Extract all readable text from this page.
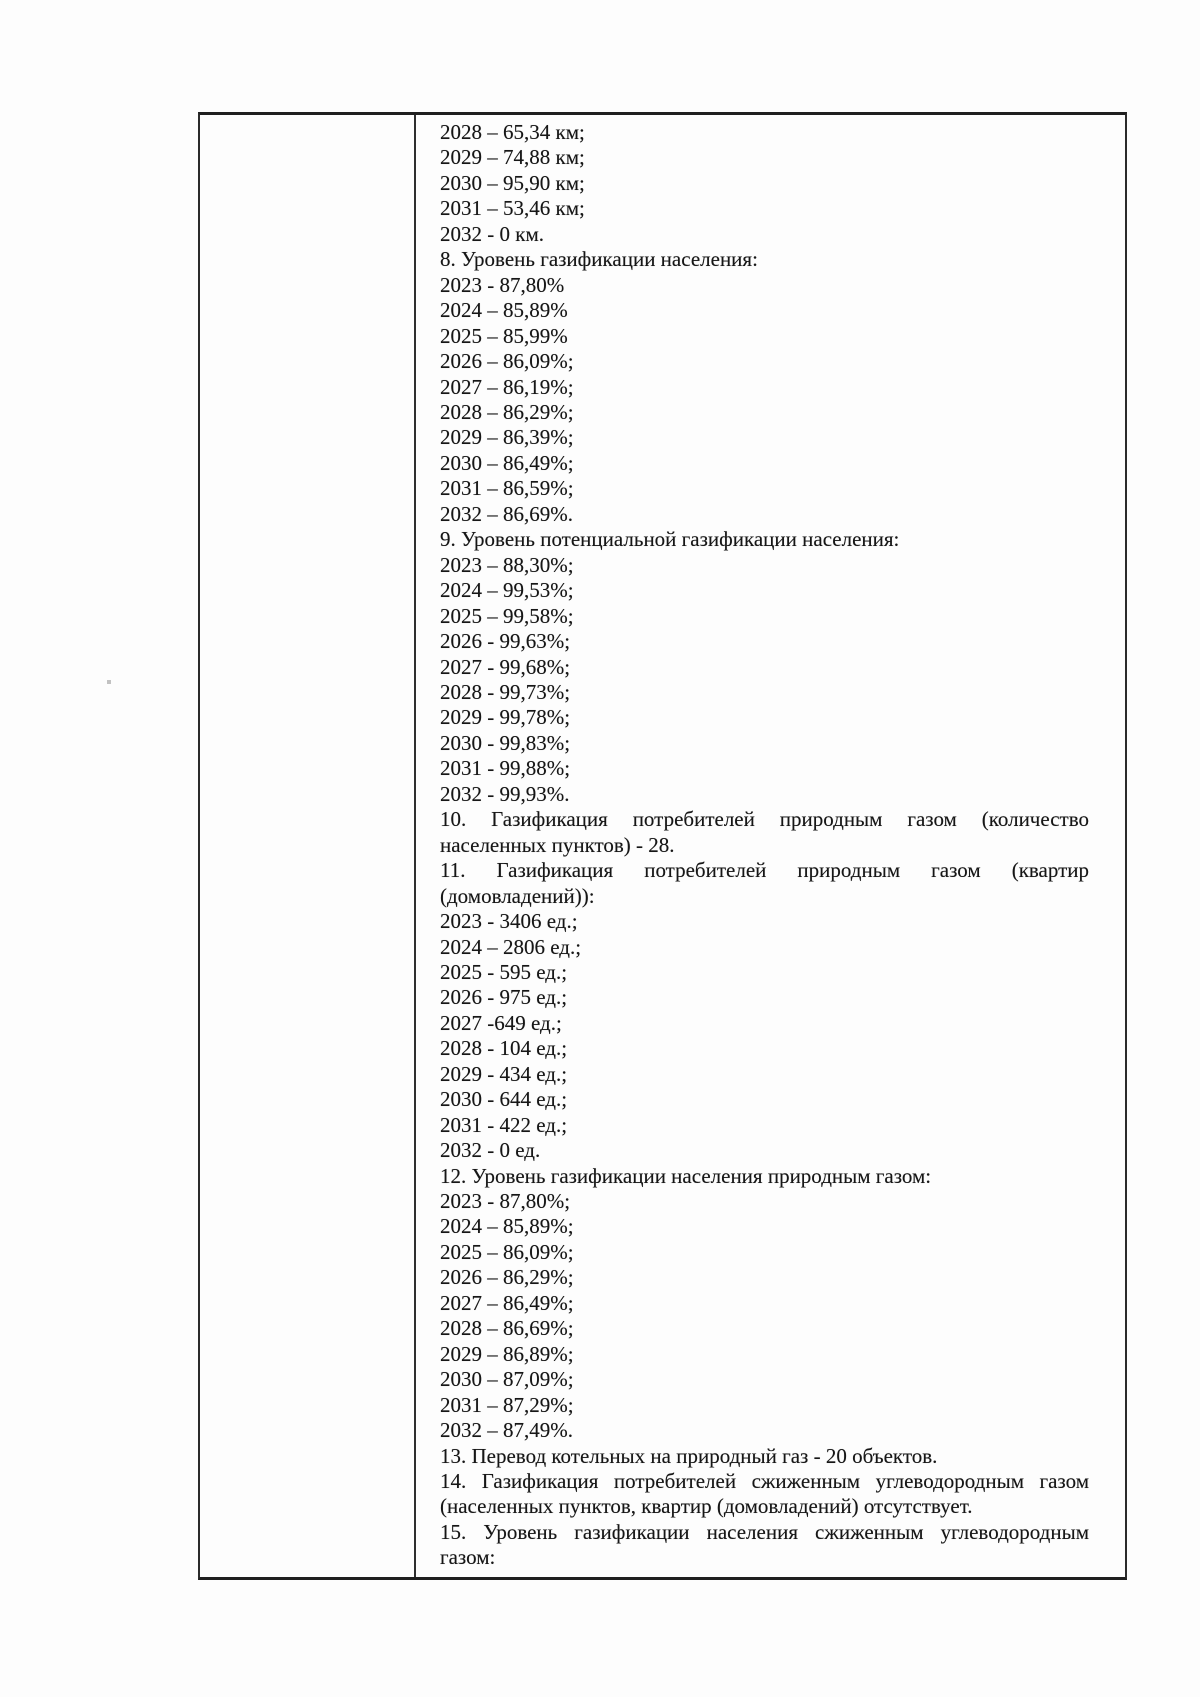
2028 – 65,34 км;
2029 – 74,88 км;
2030 – 95,90 км;
2031 – 53,46 км;
2032 - 0 км.
8. Уровень газификации населения:
2023 - 87,80%
2024 – 85,89%
2025 – 85,99%
2026 – 86,09%;
2027 – 86,19%;
2028 – 86,29%;
2029 – 86,39%;
2030 – 86,49%;
2031 – 86,59%;
2032 – 86,69%.
9. Уровень потенциальной газификации населения:
2023 – 88,30%;
2024 – 99,53%;
2025 – 99,58%;
2026 - 99,63%;
2027 - 99,68%;
2028 - 99,73%;
2029 - 99,78%;
2030 - 99,83%;
2031 - 99,88%;
2032 - 99,93%.
10. Газификация потребителей природным газом (количество
населенных пунктов) - 28.
11. Газификация потребителей природным газом (квартир
(домовладений)):
2023 - 3406 ед.;
2024 – 2806 ед.;
2025 - 595 ед.;
2026 - 975 ед.;
2027 -649 ед.;
2028 - 104 ед.;
2029 - 434 ед.;
2030 - 644 ед.;
2031 - 422 ед.;
2032 - 0 ед.
12. Уровень газификации населения природным газом:
2023 - 87,80%;
2024 – 85,89%;
2025 – 86,09%;
2026 – 86,29%;
2027 – 86,49%;
2028 – 86,69%;
2029 – 86,89%;
2030 – 87,09%;
2031 – 87,29%;
2032 – 87,49%.
13. Перевод котельных на природный газ - 20 объектов.
14. Газификация потребителей сжиженным углеводородным газом
(населенных пунктов, квартир (домовладений) отсутствует.
15. Уровень газификации населения сжиженным углеводородным
газом:
